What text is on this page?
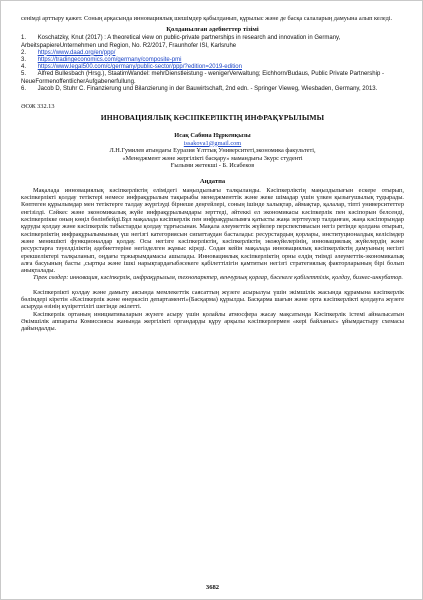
сенімді арттыру қажет. Соның арқасында инновациялық шешімдер қабылданып, құрылыс және де басқа салаларың дамуына алып келеді.

Қолданылған әдебиеттер тізімі

1.       Koschatzky, Knut (2017) : A theoretical view on public-private partnerships in research and innovation in Germany, ArbeitspapiereUnternehmen und Region, No. R2/2017, Fraunhofer ISI, Karlsruhe

2.       https://www.daad.org/en/ppp/

3.       https://tradingeconomics.com/germany/composite-pmi

4.       https://www.legal500.com/c/germany/public-sector/ppp/?edition=2019-edition

5.       Alfred Bullesbach (Hrsg.), StaatimWandel: mehrDienstleistung - wenigerVerwaltung; Eichhorn/Budaus, Public Private Partnership - NeueFormenoffentlicherAufgabenerfullung.

6.       Jacob D, Stuhr C. Finanzierung und Bilanzierung in der Bauwirtschaft, 2nd edn. - Springer Vieweg, Wiesbaden, Germany, 2013.

ӘОЖ 332.13
ИННОВАЦИЯЛЫҚ КӘСІПКЕРЛІКТІҢ ИНФРАҚҰРЫЛЫМЫ

Исақ Сабина Нұркенқызы

issakova1@gmail.com

Л.Н.Гумилев атындағы Еуразия Ұлттық Университеті,экономика факультеті,

«Менеджмент және жергілікті басқару» мамандығы 3курс студенті

Ғылыми жетекші - Б. Исабеков

Аңдатпа

Мақалада инновациялық кәсіпкерліктің елімідегі маңыздылығы талқыланды. Кәсіпкерліктің маңыздылығын ескере отырып, кәсіпкерлікті қолдау тетіктері немесе инфрақұрылым тақырыбы менеджменттік және жеке шімадар үшін үлкен қызығушылық тудырады. Көптеген құрылымдар мен тетіктерге талдау жүргізуді бірнеше деңгейлері, соның ішінде халықтар, аймақтар, қалалар, тіпті университеттер енгізілді. Сәйкес және экономикалық жүйе инфрақұрылымдары зерттеді, әйтеккі ел экономикасы кәсіпкерлік пен кәсіпорын белсенді, кәсіпкерлікке оның көңіл бөлінбейді.Бұл мақалада кәсіпкерлік пен инфрақұрылымға қатысты жаңа зерттеулер талданған, жаңа кәсіпорындар құруды қолдау және кәсіпкерлік табыстарды қолдау тұрғысынан. Мақала әлеуметтік жүйелер перспективасын негіз ретінде қолдана отырып, кәсіпкерліктің инфрақұрылымының үш негізгі категориясын сипаттаудан басталады: ресурстардың қорлары, институционалдық келісімдер және менишікті функционалдар қолдау. Осы негізге кәсіпкерліктің, кәсіпкерліктің экожүйелерінің, инновациялық жүйелердің және ресурстарға тәуелділіктің әдебиеттеріне негізделген жұмыс кіреді. Содан кейін мақалада инновациялық кәсіпкерліктің дамуының негізгі ерекшеліктері талқыланып, оңдағы тұжырымдамасы ашылады. Инновациялық кәсіпкерліктің орны елдің тиімді әлеуметтік-экономикалық алға басуының басты ,сыртқы және ішкі нарықтардағыбәсекеге қабілеттілігін қамтитын негізгі стратегиялық факторларының бірі болып анықталады.

Тірек сөздер: инновация, кәсіпкерлік, инфрақұрылым, технопарктер, венчурлық қорлар, бәсекеге қабілеттілік, қолдау, бизнес-инкубатор.

Кәсіпкерлікті қолдау және дамыту аясында мемлекеттік саясаттың жүзеге асырылуы үшін экімшілік жасында құрамына кәсіпкерлік бөлімдері кіретін «Кәсіпкерлік және өнеркәсіп департаменті»(Басқарма) құрылды. Басқарма шағын және орта кәсіпкерлікті қолдауға жүзеге асыруда өзінің күзіреттілігі шегінде әкілетті.

Кәсіпкерлік ортаның инициативаларын жүзеге асыру үшін қолайлы атмосфера жасау мақсатында Кәсіпкерлік істемі айналысатын Әкімшілік аппараты Комиссиясы жанында жергілікті органдарды құру арқылы кәсіпкерлермен «кері байланыс» ұйымдастыру схемасы дайындалды.

3682
